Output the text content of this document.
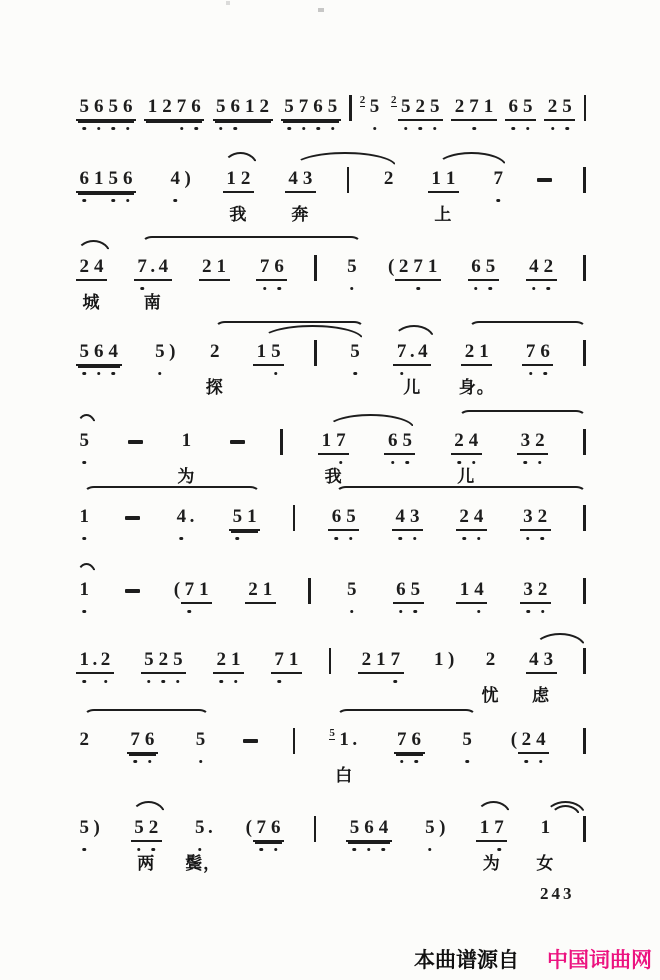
5 6 5 6 1 2 7 6 5 6 1 2 5 7 6 5	2 5	2 5 2 5 2 7 1 6 5 2 5
6 1 5 6 4 ) 1 2
我
4 3
奔
2 1 1
上
7
2 4
城
7 . 4
南
2 1 7 6	5 ( 2 7 1 6 5 4 2
5 6 4 5 ) 2
探
1 5	5 7 . 4
儿
2 1
身。
7 6
5	1
为
1 7
我
6 5 2 4
儿
3 2
1	4 . 5 1	6 5 4 3 2 4 3 2
1	( 7 1 2 1	5 6 5 1 4 3 2
1 . 2 5 2 5 2 1 7 1	2 1 7 1 ) 2
忧
4 3
虑
2 7 6 5	5 1 .
白
7 6 5 ( 2 4
5 ) 5 2
两
5 .
鬓，
( 7 6	5 6 4 5 ) 1 7
为
1
女
243
本曲谱源自 中国词曲网
